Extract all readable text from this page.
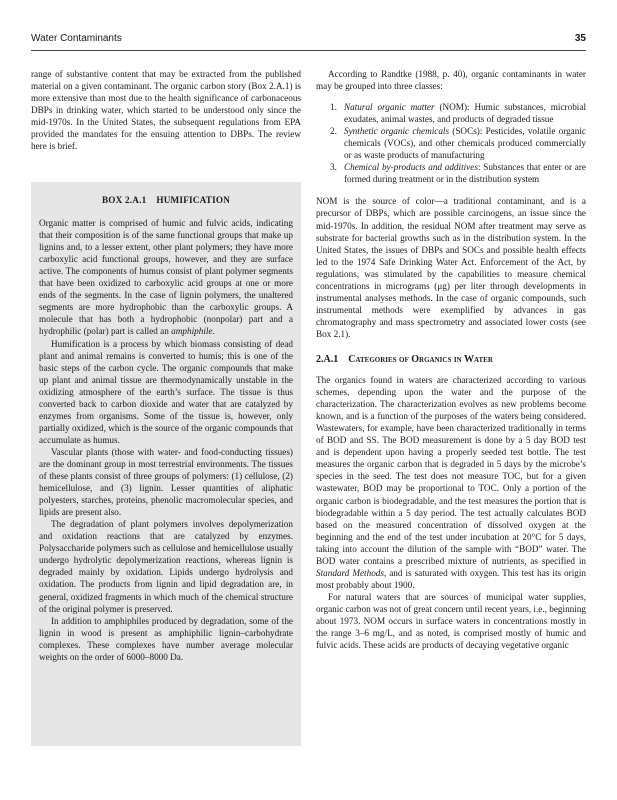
Water Contaminants	35

range of substantive content that may be extracted from the published material on a given contaminant. The organic carbon story (Box 2.A.1) is more extensive than most due to the health significance of carbonaceous DBPs in drinking water, which started to be understood only since the mid-1970s. In the United States, the subsequent regulations from EPA provided the mandates for the ensuing attention to DBPs. The review here is brief.

BOX 2.A.1 HUMIFICATION

Organic matter is comprised of humic and fulvic acids, indicating that their composition is of the same functional groups that make up lignins and, to a lesser extent, other plant polymers; they have more carboxylic acid functional groups, however, and they are surface active. The components of humus consist of plant polymer segments that have been oxidized to carboxylic acid groups at one or more ends of the segments. In the case of lignin polymers, the unaltered segments are more hydrophobic than the carboxylic groups. A molecule that has both a hydrophobic (nonpolar) part and a hydrophilic (polar) part is called an amphiphile.

Humification is a process by which biomass consisting of dead plant and animal remains is converted to humis; this is one of the basic steps of the carbon cycle. The organic compounds that make up plant and animal tissue are thermodynamically unstable in the oxidizing atmosphere of the earth’s surface. The tissue is thus converted back to carbon dioxide and water that are catalyzed by enzymes from organisms. Some of the tissue is, however, only partially oxidized, which is the source of the organic compounds that accumulate as humus.

Vascular plants (those with water- and food-conducting tissues) are the dominant group in most terrestrial environments. The tissues of these plants consist of three groups of polymers: (1) cellulose, (2) hemicellulose, and (3) lignin. Lesser quantities of aliphatic polyesters, starches, proteins, phenolic macromolecular species, and lipids are present also.

The degradation of plant polymers involves depolymerization and oxidation reactions that are catalyzed by enzymes. Polysaccharide polymers such as cellulose and hemicellulose usually undergo hydrolytic depolymerization reactions, whereas lignin is degraded mainly by oxidation. Lipids undergo hydrolysis and oxidation. The products from lignin and lipid degradation are, in general, oxidized fragments in which much of the chemical structure of the original polymer is preserved.

In addition to amphiphiles produced by degradation, some of the lignin in wood is present as amphiphilic lignin–carbohydrate complexes. These complexes have number average molecular weights on the order of 6000–8000 Da.

According to Randtke (1988, p. 40), organic contaminants in water may be grouped into three classes:

1. Natural organic matter (NOM): Humic substances, microbial exudates, animal wastes, and products of degraded tissue
2. Synthetic organic chemicals (SOCs): Pesticides, volatile organic chemicals (VOCs), and other chemicals produced commercially or as waste products of manufacturing
3. Chemical by-products and additives: Substances that enter or are formed during treatment or in the distribution system

NOM is the source of color—a traditional contaminant, and is a precursor of DBPs, which are possible carcinogens, an issue since the mid-1970s. In addition, the residual NOM after treatment may serve as substrate for bacterial growths such as in the distribution system. In the United States, the issues of DBPs and SOCs and possible health effects led to the 1974 Safe Drinking Water Act. Enforcement of the Act, by regulations, was stimulated by the capabilities to measure chemical concentrations in micrograms (μg) per liter through developments in instrumental analyses methods. In the case of organic compounds, such instrumental methods were exemplified by advances in gas chromatography and mass spectrometry and associated lower costs (see Box 2.1).

2.A.1 Categories of Organics in Water

The organics found in waters are characterized according to various schemes, depending upon the water and the purpose of the characterization. The characterization evolves as new problems become known, and is a function of the purposes of the waters being considered. Wastewaters, for example, have been characterized traditionally in terms of BOD and SS. The BOD measurement is done by a 5 day BOD test and is dependent upon having a properly seeded test bottle. The test measures the organic carbon that is degraded in 5 days by the microbe’s species in the seed. The test does not measure TOC, but for a given wastewater, BOD may be proportional to TOC. Only a portion of the organic carbon is biodegradable, and the test measures the portion that is biodegradable within a 5 day period. The test actually calculates BOD based on the measured concentration of dissolved oxygen at the beginning and the end of the test under incubation at 20°C for 5 days, taking into account the dilution of the sample with “BOD” water. The BOD water contains a prescribed mixture of nutrients, as specified in Standard Methods, and is saturated with oxygen. This test has its origin most probably about 1900.

For natural waters that are sources of municipal water supplies, organic carbon was not of great concern until recent years, i.e., beginning about 1973. NOM occurs in surface waters in concentrations mostly in the range 3–6 mg/L, and as noted, is comprised mostly of humic and fulvic acids. These acids are products of decaying vegetative organic
